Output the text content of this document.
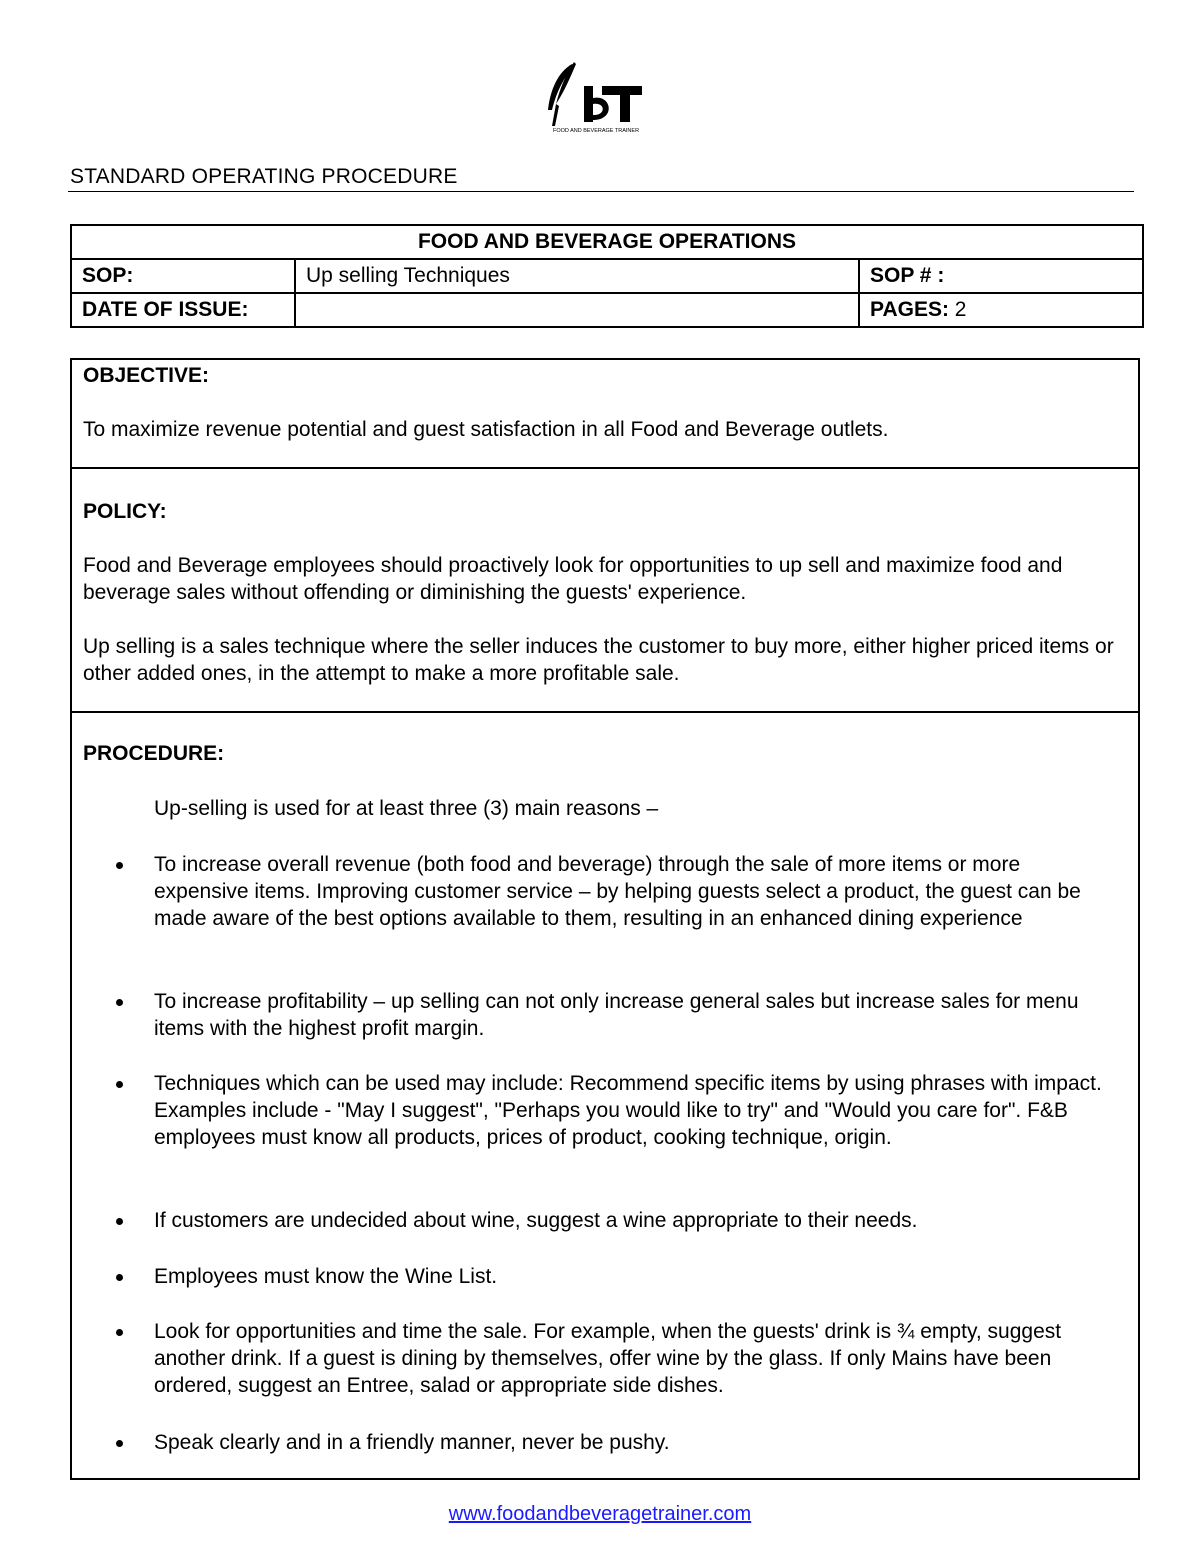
FOOD AND BEVERAGE TRAINER
STANDARD OPERATING PROCEDURE
FOOD AND BEVERAGE OPERATIONS		
SOP:	Up selling Techniques	SOP # :
DATE OF ISSUE:		PAGES: 2
OBJECTIVE:
To maximize revenue potential and guest satisfaction in all Food and Beverage outlets.
POLICY:
Food and Beverage employees should proactively look for opportunities to up sell and maximize food and beverage sales without offending or diminishing the guests' experience.
Up selling is a sales technique where the seller induces the customer to buy more, either higher priced items or other added ones, in the attempt to make a more profitable sale.
PROCEDURE:
Up-selling is used for at least three (3) main reasons –
To increase overall revenue (both food and beverage) through the sale of more items or more expensive items. Improving customer service – by helping guests select a product, the guest can be made aware of the best options available to them, resulting in an enhanced dining experience
To increase profitability – up selling can not only increase general sales but increase sales for menu items with the highest profit margin.
Techniques which can be used may include: Recommend specific items by using phrases with impact. Examples include - "May I suggest", "Perhaps you would like to try" and "Would you care for". F&B employees must know all products, prices of product, cooking technique, origin.
If customers are undecided about wine, suggest a wine appropriate to their needs.
Employees must know the Wine List.
Look for opportunities and time the sale. For example, when the guests' drink is ¾ empty, suggest another drink. If a guest is dining by themselves, offer wine by the glass. If only Mains have been ordered, suggest an Entree, salad or appropriate side dishes.
Speak clearly and in a friendly manner, never be pushy.
www.foodandbeveragetrainer.com
